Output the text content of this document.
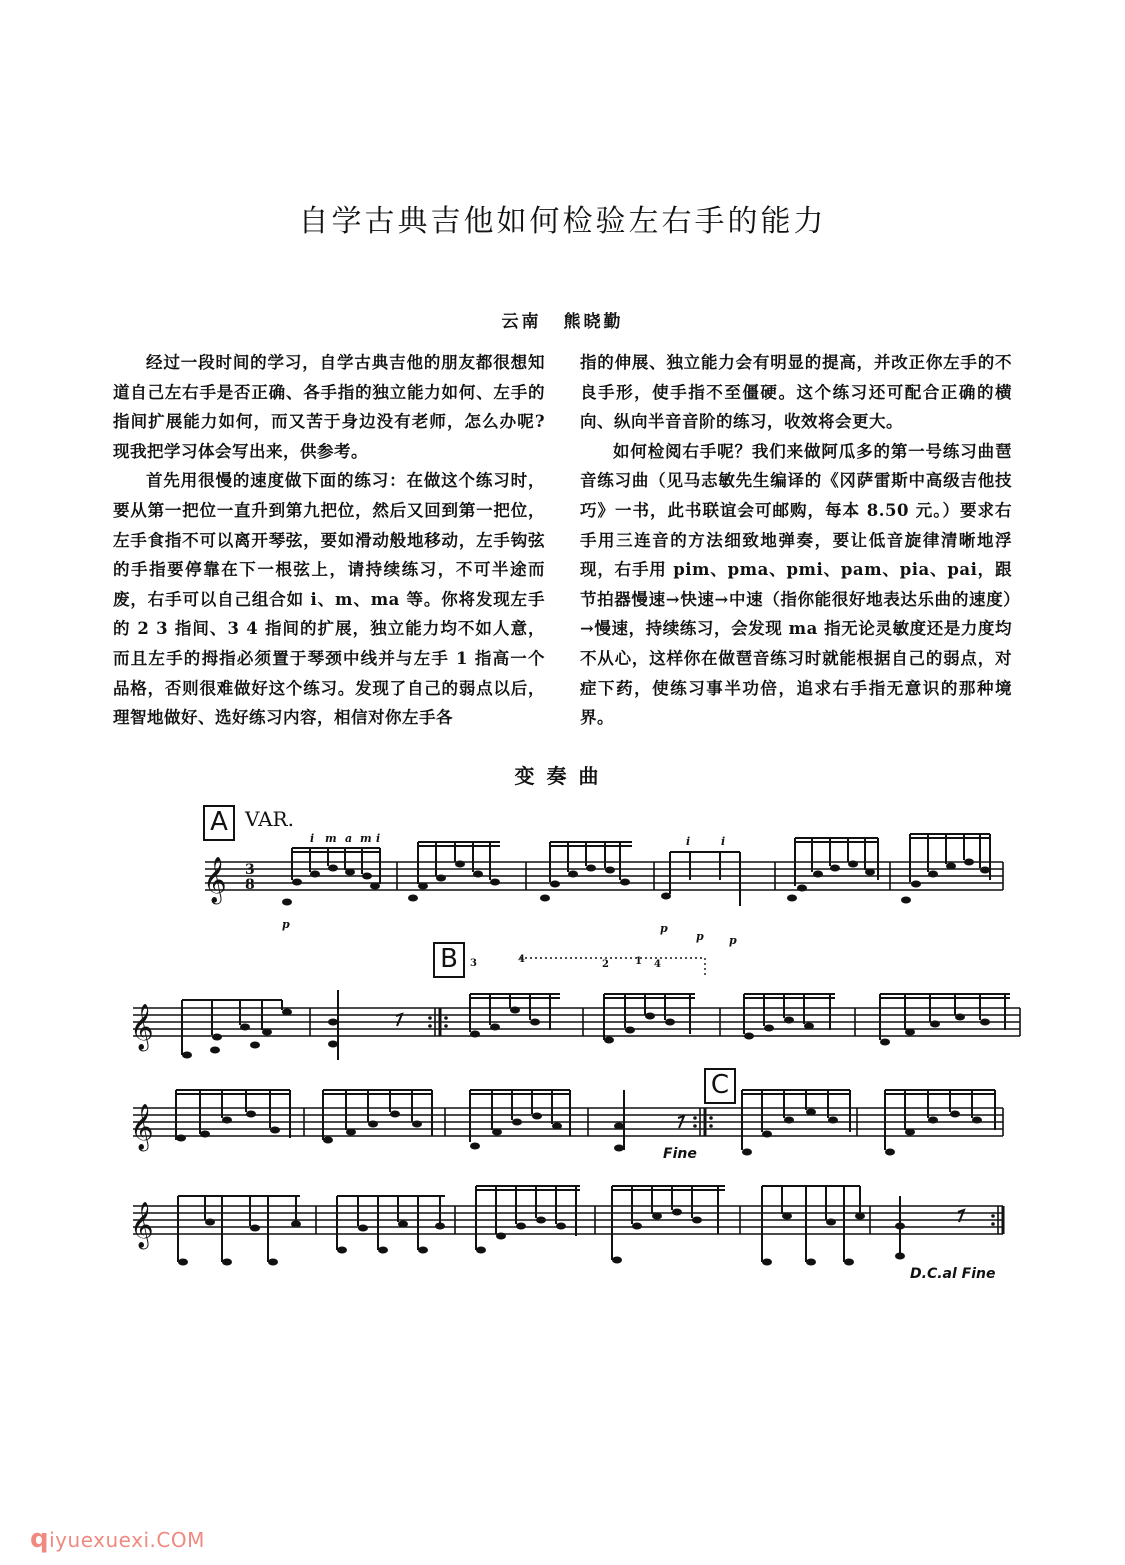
自学古典吉他如何检验左右手的能力
云南 熊晓勤

经过一段时间的学习，自学古典吉他的朋友都很想知道自己左右手是否正确、各手指的独立能力如何、左手的指间扩展能力如何，而又苦于身边没有老师，怎么办呢?现我把学习体会写出来，供参考。

首先用很慢的速度做下面的练习：在做这个练习时，要从第一把位一直升到第九把位，然后又回到第一把位，左手食指不可以离开琴弦，要如滑动般地移动，左手钩弦的手指要停靠在下一根弦上，请持续练习，不可半途而废，右手可以自己组合如 i、m、ma 等。你将发现左手的 2 3 指间、3 4 指间的扩展，独立能力均不如人意，而且左手的拇指必须置于琴颈中线并与左手 1 指高一个品格，否则很难做好这个练习。发现了自己的弱点以后，理智地做好、选好练习内容，相信对你左手各

指的伸展、独立能力会有明显的提高，并改正你左手的不良手形，使手指不至僵硬。这个练习还可配合正确的横向、纵向半音音阶的练习，收效将会更大。

如何检阅右手呢？我们来做阿瓜多的第一号练习曲琶音练习曲（见马志敏先生编译的《冈萨雷斯中高级吉他技巧》一书，此书联谊会可邮购，每本 8.50 元。）要求右手用三连音的方法细致地弹奏，要让低音旋律清晰地浮现，右手用 pim、pma、pmi、pam、pia、pai，跟节拍器慢速→快速→中速（指你能很好地表达乐曲的速度）→慢速，持续练习，会发现 ma 指无论灵敏度还是力度均不从心，这样你在做琶音练习时就能根据自己的弱点，对症下药，使练习事半功倍，追求右手指无意识的那种境界。

变奏曲
A VAR.
B
C
Fine
D.C.al Fine
𝄞
𝄞
𝄞
𝄞
3
8
i m a m i	i	i
p
p p
p
3	4	2	1 4
qiyuexuexi.COM
